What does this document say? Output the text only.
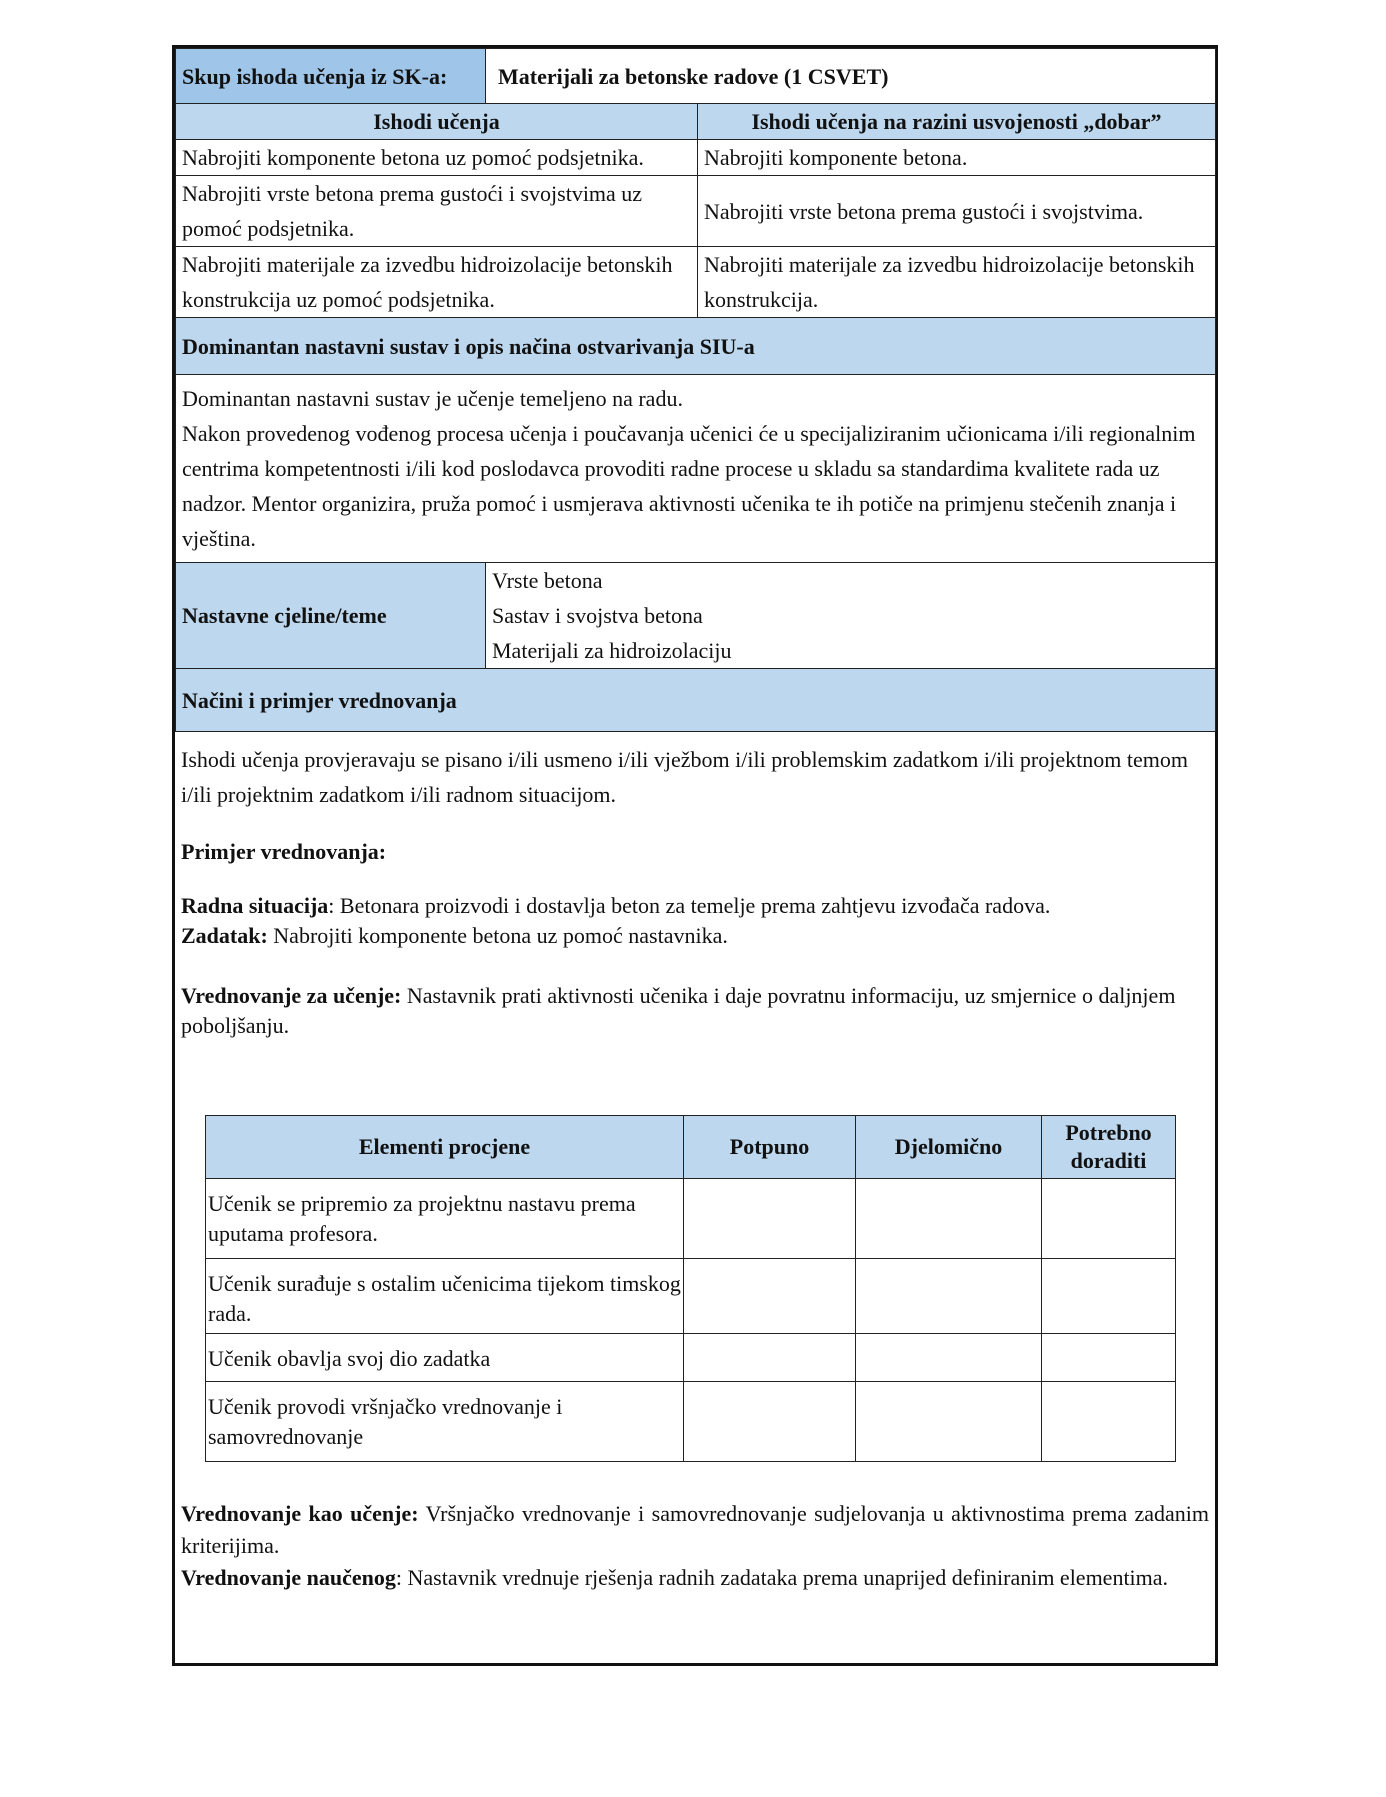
Skup ishoda učenja iz SK-a:	Materijali za betonske radove (1 CSVET)	
Ishodi učenja		Ishodi učenja na razini usvojenosti „dobar”
Nabrojiti komponente betona uz pomoć podsjetnika.		Nabrojiti komponente betona.
Nabrojiti vrste betona prema gustoći i svojstvima uz pomoć podsjetnika.		Nabrojiti vrste betona prema gustoći i svojstvima.
Nabrojiti materijale za izvedbu hidroizolacije betonskih konstrukcija uz pomoć podsjetnika.		Nabrojiti materijale za izvedbu hidroizolacije betonskih konstrukcija.
Dominantan nastavni sustav i opis načina ostvarivanja SIU-a		

Dominantan nastavni sustav je učenje temeljeno na radu.

Nakon provedenog vođenog procesa učenja i poučavanja učenici će u specijaliziranim učionicama i/ili regionalnim centrima kompetentnosti i/ili kod poslodavca provoditi radne procese u skladu sa standardima kvalitete rada uz nadzor. Mentor organizira, pruža pomoć i usmjerava aktivnosti učenika te ih potiče na primjenu stečenih znanja i vještina.		

Nastavne cjeline/teme	Vrste betona
Sastav i svojstva betona
Materijali za hidroizolaciju	

Načini i primjer vrednovanja		

Ishodi učenja provjeravaju se pisano i/ili usmeno i/ili vježbom i/ili problemskim zadatkom i/ili projektnom temom i/ili projektnim zadatkom i/ili radnom situacijom.

Primjer vrednovanja:

Radna situacija: Betonara proizvodi i dostavlja beton za temelje prema zahtjevu izvođača radova.

Zadatak: Nabrojiti komponente betona uz pomoć nastavnika.

Vrednovanje za učenje: Nastavnik prati aktivnosti učenika i daje povratnu informaciju, uz smjernice o daljnjem poboljšanju.

Elementi procjene	Potpuno	Djelomično	Potrebno doraditi
Učenik se pripremio za projektnu nastavu prema uputama profesora.			
Učenik surađuje s ostalim učenicima tijekom timskog rada.			
Učenik obavlja svoj dio zadatka			
Učenik provodi vršnjačko vrednovanje i samovrednovanje			

Vrednovanje kao učenje: Vršnjačko vrednovanje i samovrednovanje sudjelovanja u aktivnostima prema zadanim kriterijima.

Vrednovanje naučenog: Nastavnik vrednuje rješenja radnih zadataka prema unaprijed definiranim elementima.
